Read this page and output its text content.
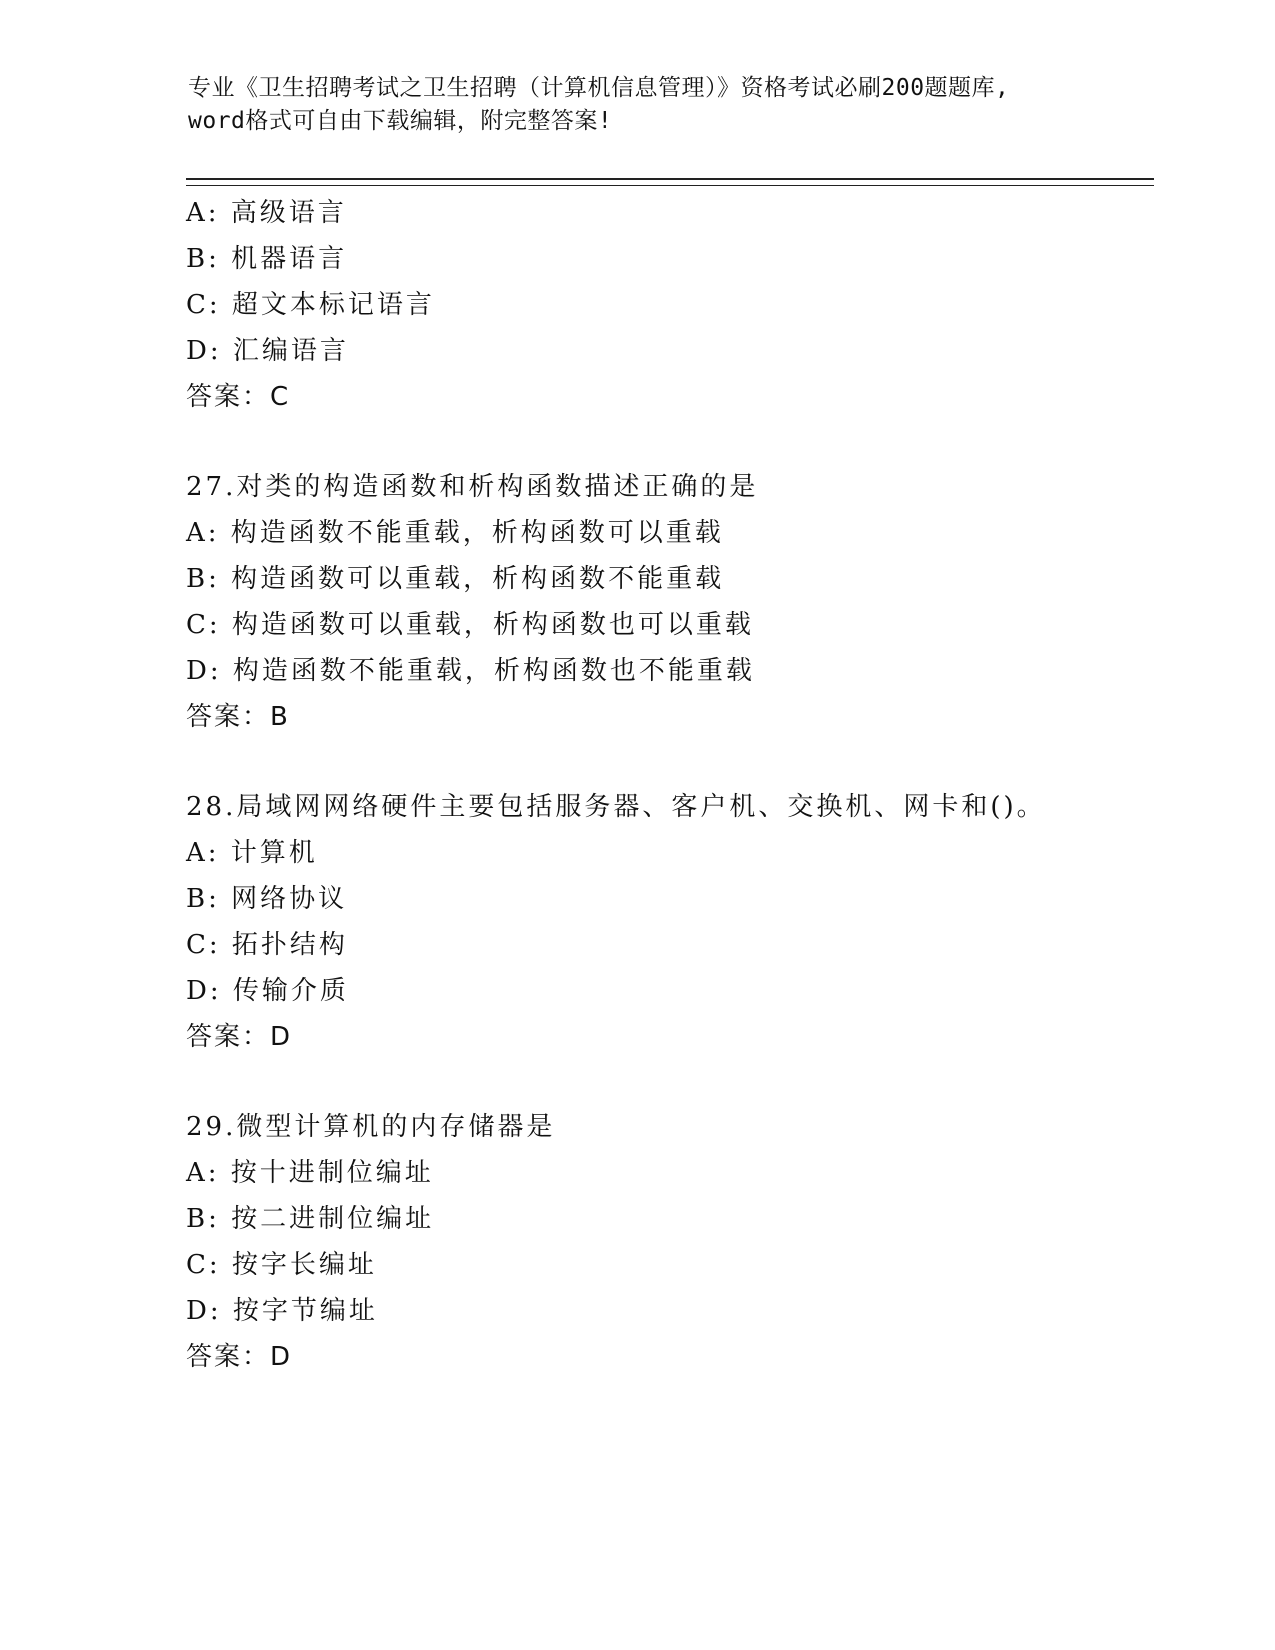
专业《卫生招聘考试之卫生招聘（计算机信息管理）》资格考试必刷200题题库,
word格式可自由下载编辑，附完整答案!
A: 高级语言
B: 机器语言
C: 超文本标记语言
D: 汇编语言
答案：C
27.对类的构造函数和析构函数描述正确的是
A: 构造函数不能重载，析构函数可以重载
B: 构造函数可以重载，析构函数不能重载
C: 构造函数可以重载，析构函数也可以重载
D: 构造函数不能重载，析构函数也不能重载
答案：B
28.局域网网络硬件主要包括服务器、客户机、交换机、网卡和()。
A: 计算机
B: 网络协议
C: 拓扑结构
D: 传输介质
答案：D
29.微型计算机的内存储器是
A: 按十进制位编址
B: 按二进制位编址
C: 按字长编址
D: 按字节编址
答案：D
